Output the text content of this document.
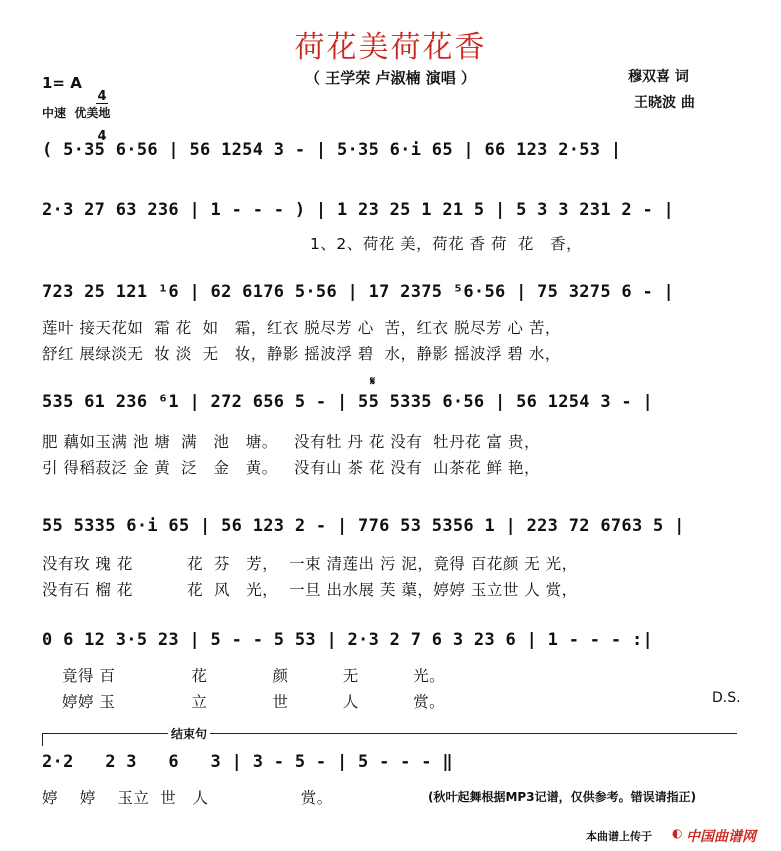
荷花美荷花香
（ 王学荣 卢淑楠 演唱 ）	穆双喜 词
王晓波 曲
1= A

4

4

中速  优美地
( 5·35 6·56 | 56 1254 3 - | 5·35 6·i 65 | 66 123 2·53 |
2·3 27 63 236 | 1 - - - ) | 1 23 25 1 21 5 | 5 3 3 231 2 - |
1、2、荷花 美，荷花 香 荷  花   香，
723 25 121 ¹6 | 62 6176 5·56 | 17 2375 ⁵6·56 | 75 3275 6 - |
莲叶 接天花如  霜 花  如   霜，红衣 脱尽芳 心  苦，红衣 脱尽芳 心 苦，
舒红 展绿淡无  妆 淡  无   妆，静影 摇波浮 碧  水，静影 摇波浮 碧 水，
𝄋
535 61 236 ⁶1 | 272 656 5 - | 55 5335 6·56 | 56 1254 3 - |
肥 藕如玉满 池 塘  满   池   塘。   没有牡 丹 花 没有  牡丹花 富 贵，
引 得稻菽泛 金 黄  泛   金   黄。   没有山 茶 花 没有  山茶花 鲜 艳，
55 5335 6·i 65 | 56 123 2 - | 776 53 5356 1 | 223 72 6763 5 |
没有玫 瑰 花          花  芬   芳，  一束 清莲出 污 泥，竟得 百花颜 无 光，
没有石 榴 花          花  风   光，  一旦 出水展 芙 蕖，婷婷 玉立世 人 赏，
0 6 12 3·5 23 | 5 - - 5 53 | 2·3 2 7 6 3 23 6 | 1 - - - :|
竟得 百              花            颜          无          光。
婷婷 玉              立            世          人          赏。	D.S.
结束句
2·2   2 3   6   3 | 3 - 5 - | 5 - - - ‖
婷    婷    玉立  世   人                 赏。	(秋叶起舞根据MP3记谱，仅供参考。错误请指正)
本曲谱上传于 ◐ 中国曲谱网
